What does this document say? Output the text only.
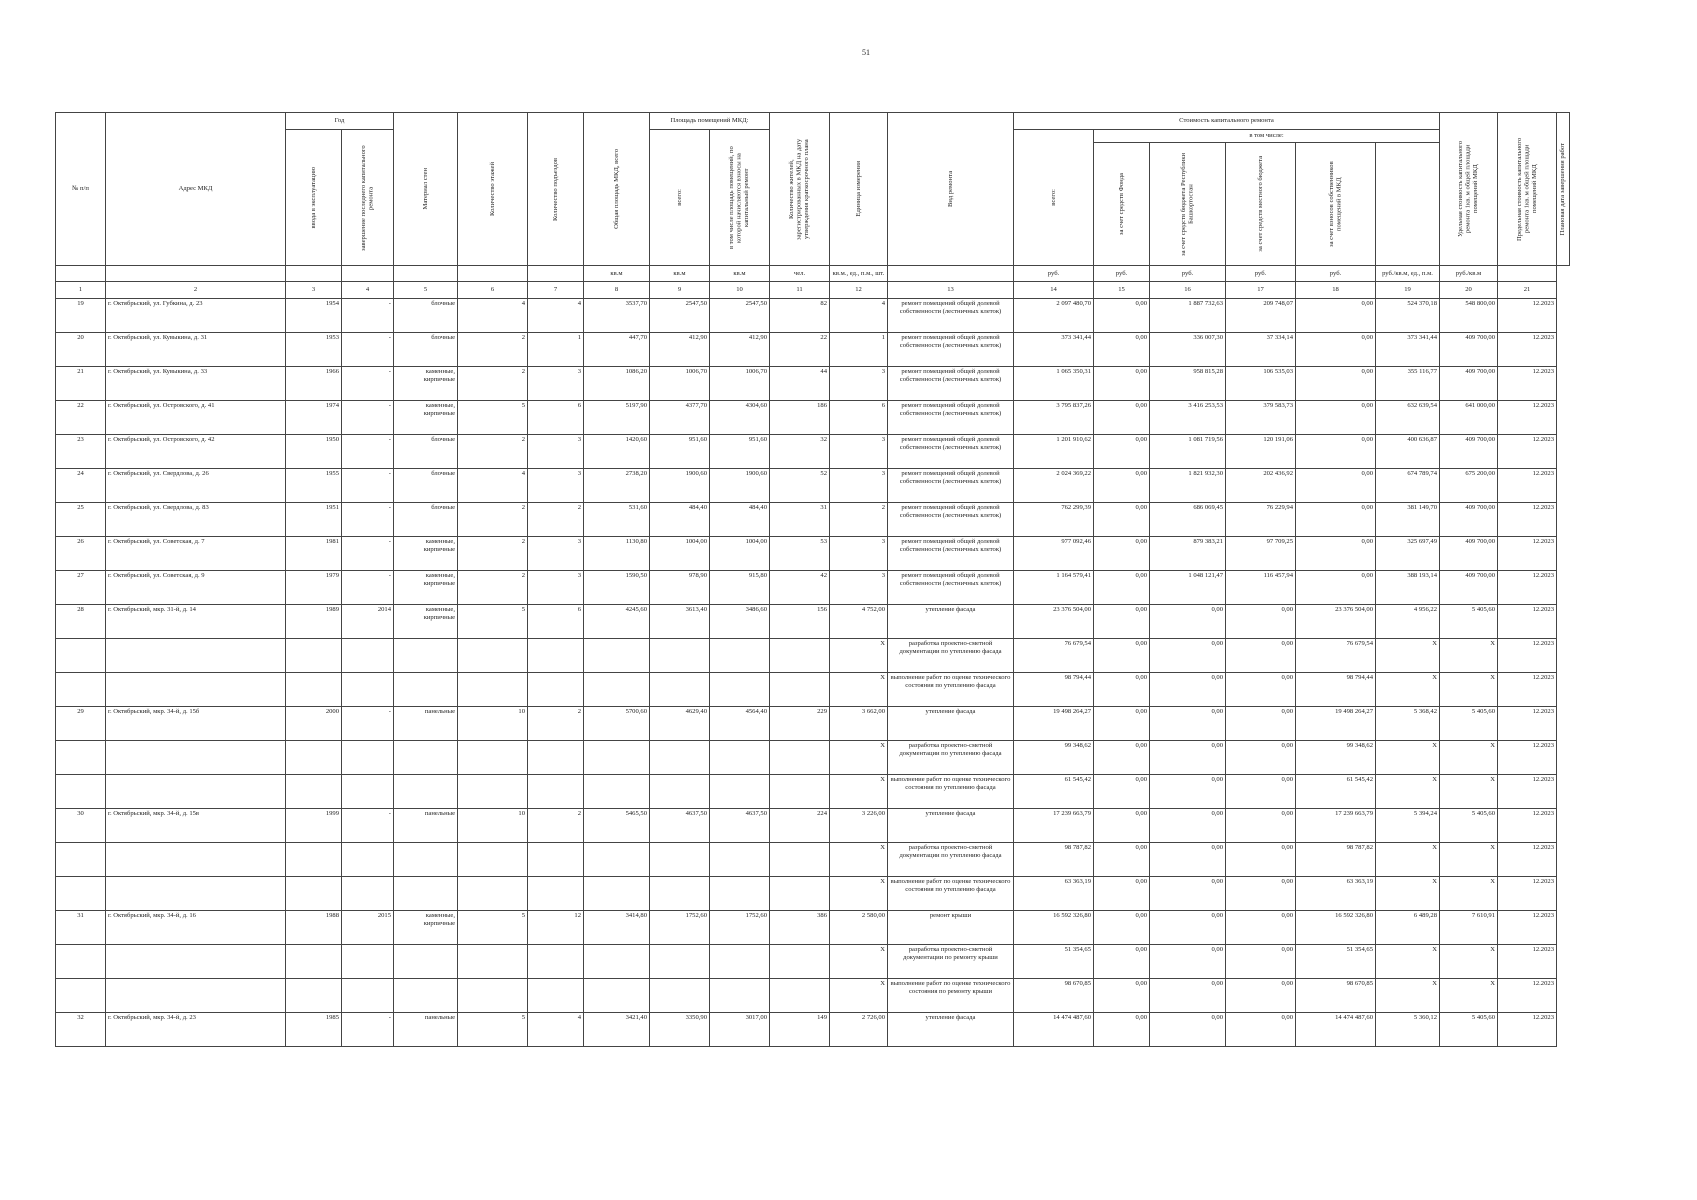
51
№ п/п	Адрес МКД	Год		Материал стен	Количество этажей	Количество подъездов	Общая площадь МКД, всего	Площадь помещений МКД:		Количество жителей, зарегистрированных в МКД на дату утверждения краткосрочного плана	Единица измерения	Вид ремонта	Стоимость капитального ремонта						Удельная стоимость капитального ремонта 1кв. м общей площади помещений МКД	Предельная стоимость капитального ремонта 1кв. м общей площади помещений МКД	Плановая дата завершения работ

		ввода в эксплуатацию	завершение последнего капитального ремонта					всего:	в том числе площадь помещений, по которой начисляются взносы на капитальный ремонт				всего:	в том числе:							

														за счет средств Фонда	за счет средств бюджета Республики Башкортостан	за счет средств местного бюджета	за счет взносов собственников помещений в МКД				

							кв.м	кв.м	кв.м	чел.	кв.м., ед., п.м., шт.		руб.	руб.	руб.	руб.	руб.	руб./кв.м, ед., п.м.	руб./кв.м		
1	2	3	4	5	6	7	8	9	10	11	12	13	14	15	16	17	18	19	20	21	
19	г. Октябрьский, ул. Губкина, д. 23	1954	-	блочные	4	4	3537,70	2547,50	2547,50	82	4	ремонт помещений общей долевой собственности (лестничных клеток)	2 097 480,70	0,00	1 887 732,63	209 748,07	0,00	524 370,18	548 800,00	12.2023	
20	г. Октябрьский, ул. Кувыкина, д. 31	1953	-	блочные	2	1	447,70	412,90	412,90	22	1	ремонт помещений общей долевой собственности (лестничных клеток)	373 341,44	0,00	336 007,30	37 334,14	0,00	373 341,44	409 700,00	12.2023	
21	г. Октябрьский, ул. Кувыкина, д. 33	1966	-	каменные, кирпичные	2	3	1086,20	1006,70	1006,70	44	3	ремонт помещений общей долевой собственности (лестничных клеток)	1 065 350,31	0,00	958 815,28	106 535,03	0,00	355 116,77	409 700,00	12.2023	
22	г. Октябрьский, ул. Островского, д. 41	1974	-	каменные, кирпичные	5	6	5197,90	4377,70	4304,60	186	6	ремонт помещений общей долевой собственности (лестничных клеток)	3 795 837,26	0,00	3 416 253,53	379 583,73	0,00	632 639,54	641 000,00	12.2023	
23	г. Октябрьский, ул. Островского, д. 42	1950	-	блочные	2	3	1420,60	951,60	951,60	32	3	ремонт помещений общей долевой собственности (лестничных клеток)	1 201 910,62	0,00	1 081 719,56	120 191,06	0,00	400 636,87	409 700,00	12.2023	
24	г. Октябрьский, ул. Свердлова, д. 26	1955	-	блочные	4	3	2738,20	1900,60	1900,60	52	3	ремонт помещений общей долевой собственности (лестничных клеток)	2 024 369,22	0,00	1 821 932,30	202 436,92	0,00	674 789,74	675 200,00	12.2023	
25	г. Октябрьский, ул. Свердлова, д. 83	1951	-	блочные	2	2	531,60	484,40	484,40	31	2	ремонт помещений общей долевой собственности (лестничных клеток)	762 299,39	0,00	686 069,45	76 229,94	0,00	381 149,70	409 700,00	12.2023	
26	г. Октябрьский, ул. Советская, д. 7	1981	-	каменные, кирпичные	2	3	1130,80	1004,00	1004,00	53	3	ремонт помещений общей долевой собственности (лестничных клеток)	977 092,46	0,00	879 383,21	97 709,25	0,00	325 697,49	409 700,00	12.2023	
27	г. Октябрьский, ул. Советская, д. 9	1979	-	каменные, кирпичные	2	3	1590,50	978,90	915,80	42	3	ремонт помещений общей долевой собственности (лестничных клеток)	1 164 579,41	0,00	1 048 121,47	116 457,94	0,00	388 193,14	409 700,00	12.2023	
28	г. Октябрьский, мкр. 31-й, д. 14	1989	2014	каменные, кирпичные	5	6	4245,60	3613,40	3486,60	156	4 752,00	утепление фасада	23 376 504,00	0,00	0,00	0,00	23 376 504,00	4 956,22	5 405,60	12.2023	
											X	разработка проектно-сметной документации по утеплению фасада	76 679,54	0,00	0,00	0,00	76 679,54	X	X	12.2023	
											X	выполнение работ по оценке технического состояния по утеплению фасада	98 794,44	0,00	0,00	0,00	98 794,44	X	X	12.2023	
29	г. Октябрьский, мкр. 34-й, д. 15б	2000	-	панельные	10	2	5700,60	4629,40	4564,40	229	3 662,00	утепление фасада	19 498 264,27	0,00	0,00	0,00	19 498 264,27	5 368,42	5 405,60	12.2023	
											X	разработка проектно-сметной документации по утеплению фасада	99 348,62	0,00	0,00	0,00	99 348,62	X	X	12.2023	
											X	выполнение работ по оценке технического состояния по утеплению фасада	61 545,42	0,00	0,00	0,00	61 545,42	X	X	12.2023	
30	г. Октябрьский, мкр. 34-й, д. 15в	1999	-	панельные	10	2	5465,50	4637,50	4637,50	224	3 226,00	утепление фасада	17 239 663,79	0,00	0,00	0,00	17 239 663,79	5 394,24	5 405,60	12.2023	
											X	разработка проектно-сметной документации по утеплению фасада	98 787,82	0,00	0,00	0,00	98 787,82	X	X	12.2023	
											X	выполнение работ по оценке технического состояния по утеплению фасада	63 363,19	0,00	0,00	0,00	63 363,19	X	X	12.2023	
31	г. Октябрьский, мкр. 34-й, д. 16	1988	2015	каменные, кирпичные	5	12	3414,80	1752,60	1752,60	386	2 580,00	ремонт крыши	16 592 326,80	0,00	0,00	0,00	16 592 326,80	6 489,28	7 610,91	12.2023	
											X	разработка проектно-сметной документации по ремонту крыши	51 354,65	0,00	0,00	0,00	51 354,65	X	X	12.2023	
											X	выполнение работ по оценке технического состояния по ремонту крыши	98 670,85	0,00	0,00	0,00	98 670,85	X	X	12.2023	
32	г. Октябрьский, мкр. 34-й, д. 23	1985	-	панельные	5	4	3421,40	3350,90	3017,00	149	2 726,00	утепление фасада	14 474 487,60	0,00	0,00	0,00	14 474 487,60	5 360,12	5 405,60	12.2023	
